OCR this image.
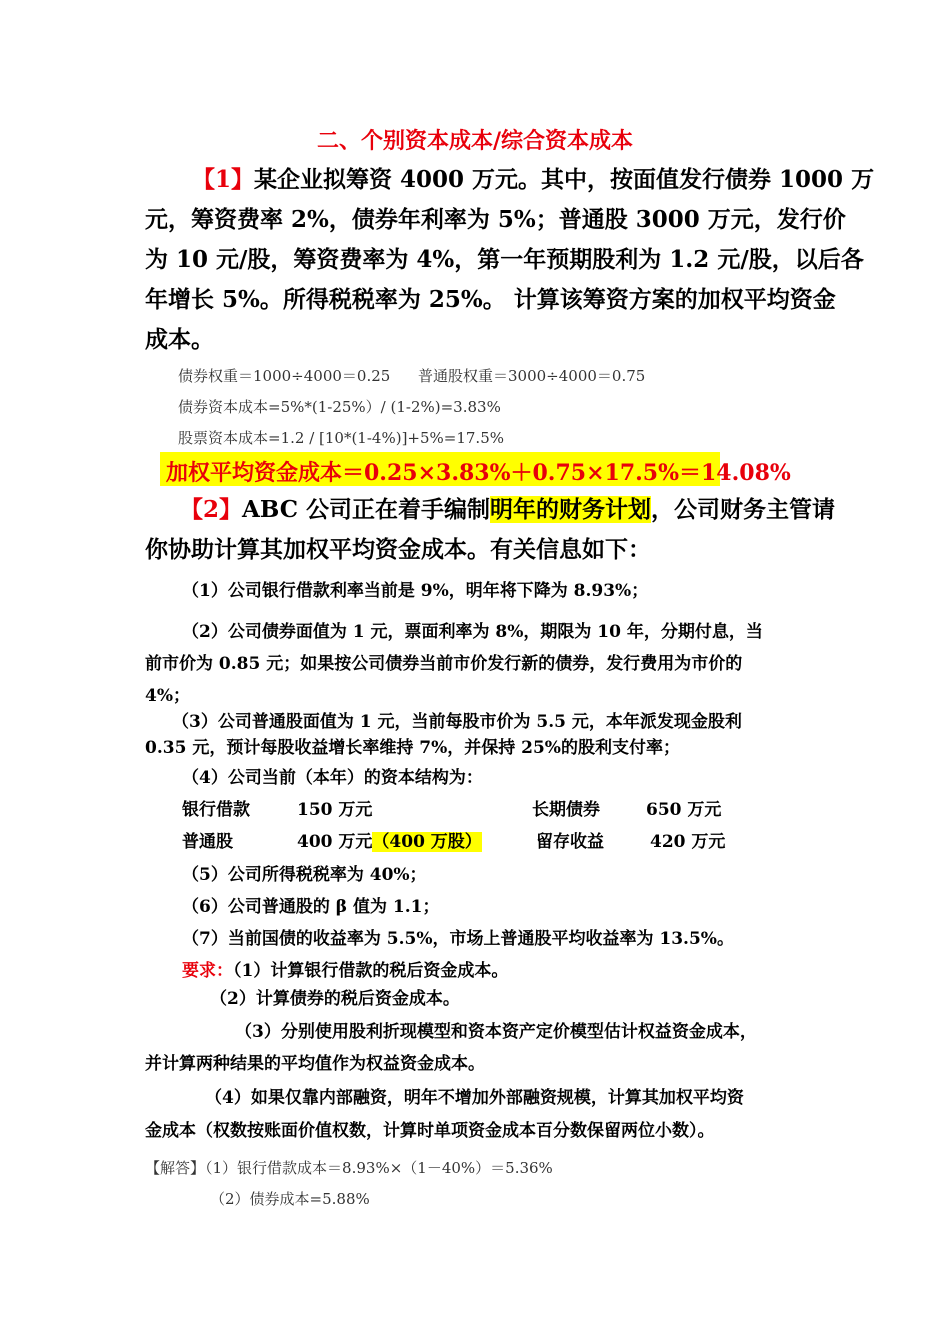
二、个别资本成本/综合资本成本
【1】某企业拟筹资 4000 万元。其中，按面值发行债券 1000 万
元，筹资费率 2%，债券年利率为 5%；普通股 3000 万元，发行价
为 10 元/股，筹资费率为 4%，第一年预期股利为 1.2 元/股，以后各
年增长 5%。所得税税率为 25%。 计算该筹资方案的加权平均资金
成本。
债券权重＝1000÷4000＝0.25 普通股权重＝3000÷4000＝0.75
债券资本成本=5%*(1-25%）/ (1-2%)=3.83%
股票资本成本=1.2 / [10*(1-4%)]+5%=17.5%
加权平均资金成本＝0.25×3.83%＋0.75×17.5%＝14.08%
【2】ABC 公司正在着手编制明年的财务计划，公司财务主管请
你协助计算其加权平均资金成本。有关信息如下：
（1）公司银行借款利率当前是 9%，明年将下降为 8.93%；
（2）公司债券面值为 1 元，票面利率为 8%，期限为 10 年，分期付息，当
前市价为 0.85 元；如果按公司债券当前市价发行新的债券，发行费用为市价的
4%；
（3）公司普通股面值为 1 元，当前每股市价为 5.5 元，本年派发现金股利
0.35 元，预计每股收益增长率维持 7%，并保持 25%的股利支付率；
（4）公司当前（本年）的资本结构为：
银行借款	150 万元	长期债券	650 万元
普通股	400 万元（400 万股）	留存收益	420 万元
（5）公司所得税税率为 40%；
（6）公司普通股的 β 值为 1.1；
（7）当前国债的收益率为 5.5%，市场上普通股平均收益率为 13.5%。
要求：（1）计算银行借款的税后资金成本。
（2）计算债券的税后资金成本。
（3）分别使用股利折现模型和资本资产定价模型估计权益资金成本，
并计算两种结果的平均值作为权益资金成本。
（4）如果仅靠内部融资，明年不增加外部融资规模，计算其加权平均资
金成本（权数按账面价值权数，计算时单项资金成本百分数保留两位小数）。
【解答】（1）银行借款成本＝8.93%×（1－40%）＝5.36%
（2）债券成本=5.88%
